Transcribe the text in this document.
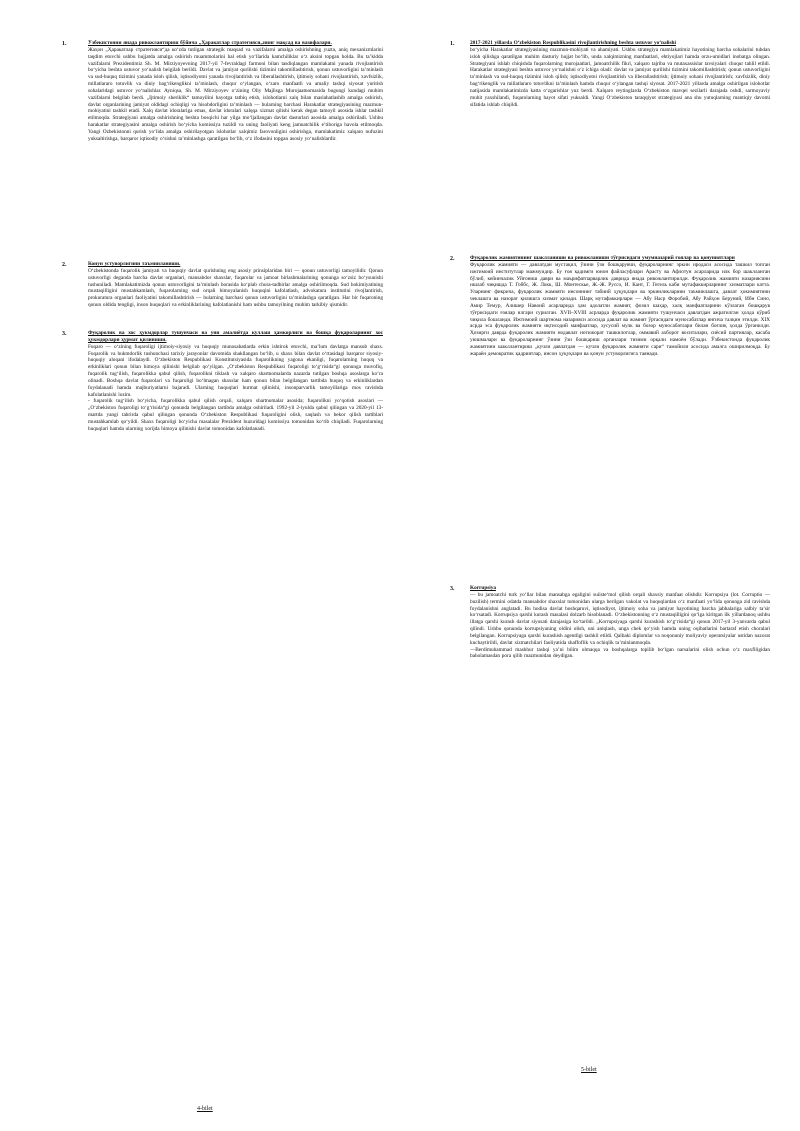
1.	Ўзбекистонни янада ривожлантириш бўйича „Ҳаракатлар стратегияси„нинг мақсад ва вазифалари.
Жаҳон „Ҳаракатлар стратегияси“да ко‘zda tutilgan strategik maqsad va vazifalarni amalga oshirishning yuzta, aniq mexanizmlarini taqdim etuvchi ushbu hujjatda amalga oshirish muammolarini hal etish yo‘llarida kamchiliklar o‘z aksini topgan holda. Bu ta’kidda vazifalarni Prezidentimiz Sh. M. Mirziyoyevning 2017-yil 7-fevraldagi farmoni bilan tasdiqlangan mamlakatni yanada rivojlantirish bo‘yicha beshta ustuvor yo‘nalish belgilab berildi. Davlat va jamiyat qurilishi tizimini takomillashtirish, qonun ustuvorligini ta’minlash va sud-huquq tizimini yanada isloh qilish, iqtisodiyotni yanada rivojlantirish va liberallashtirish, ijtimoiy sohani rivojlantirish, xavfsizlik, millatlararo totuvlik va diniy bag‘rikenglikni ta’minlash, chuqur o‘ylangan, o‘zaro manfaatli va amaliy tashqi siyosat yuritish sohalaridagi ustuvor yo‘nalishlar. Ayniqsa, Sh. M. Mirziyoyev o‘zining Oliy Majlisga Murojaatnomasida bugungi kundagi muhim vazifalarni belgilab berdi. „Ijtimoiy sheriklik“ tamoyilini hayotga tatbiq etish, islohotlarni xalq bilan maslahatlashib amalga oshirish, davlat organlarining jamiyat oldidagi ochiqligi va hisobdorligini ta’minlash — bularning barchasi Harakatlar strategiyasining mazmun-mohiyatini tashkil etadi. Xalq davlat idoralariga emas, davlat idoralari xalqqa xizmat qilishi kerak degan tamoyil asosida ishlar tashkil etilmoqda. Strategiyani amalga oshirishning beshta bosqichi har yilga mo‘ljallangan davlat dasturlari asosida amalga oshiriladi. Ushbu harakatlar strategiyasini amalga oshirish bo‘yicha komissiya tuzildi va uning faoliyati keng jamoatchilik e’tiboriga havola etilmoqda. Yangi Ozbekistonni qurish yo‘lida amalga oshirilayotgan islohotlar xalqimiz farovonligini oshirishga, mamlakatimiz xalqaro nufuzini yuksaltirishga, barqaror iqtisodiy o‘sishni ta’minlashga qaratilgan bo‘lib, o‘z ifodasini topgan asosiy yo‘nalishlardir.
2.	Конун устуворлигини таъминланиши.
O‘zbekistonda fuqarolik jamiyati va huquqiy davlat qurishning eng asosiy prinsiplaridan biri — qonun ustuvorligi tamoyilidir. Qonun ustuvorligi deganda barcha davlat organlari, mansabdor shaxslar, fuqarolar va jamoat birlashmalarining qonunga so‘zsiz bo‘ysunishi tushuniladi. Mamlakatimizda qonun ustuvorligini ta’minlash borasida ko‘plab chora-tadbirlar amalga oshirilmoqda. Sud hokimiyatining mustaqilligini mustahkamlash, fuqarolarning sud orqali himoyalanish huquqini kafolatlash, advokatura institutini rivojlantirish, prokuratura organlari faoliyatini takomillashtirish — bularning barchasi qonun ustuvorligini ta’minlashga qaratilgan. Har bir fuqaroning qonun oldida tengligi, inson huquqlari va erkinliklarining kafolatlanishi ham ushbu tamoyilning muhim tarkibiy qismidir.
3.	Фуқаролик ва хос ҳукмдорлар тушунчаси ва уни амалиётда куллаш ҳамкорлиги ва бошқа фуқароларнинг хос ҳукмдорлари ҳурмат қилиниши.
Fuqaro — o‘zining fuqaroligi ijtimoiy-siyosiy va huquqiy munosabatlarda erkin ishtirok etuvchi, ma’lum davlatga mansub shaxs. Fuqarolik va hukmdorlik tushunchasi tarixiy jarayonlar davomida shakllangan bo‘lib, u shaxs bilan davlat o‘rtasidagi barqaror siyosiy-huquqiy aloqani ifodalaydi. O‘zbekiston Respublikasi Konstitutsiyasida fuqarolikning yagona ekanligi, fuqarolarning huquq va erkinliklari qonun bilan himoya qilinishi belgilab qo‘yilgan. „O‘zbekiston Respublikasi fuqaroligi to‘g‘risida“gi qonunga muvofiq, fuqarolik tug‘ilish, fuqarolikka qabul qilish, fuqarolikni tiklash va xalqaro shartnomalarda nazarda tutilgan boshqa asoslarga ko‘ra olinadi. Boshqa davlat fuqarolari va fuqaroligi bo‘lmagan shaxslar ham qonun bilan belgilangan tartibda huquq va erkinliklardan foydalanadi hamda majburiyatlarni bajaradi. Ularning huquqlari hurmat qilinishi, insonparvarlik tamoyillariga mos ravishda kafolatlanishi lozim.
- fuqarolik tug‘ilish bo‘yicha, fuqarolikka qabul qilish orqali, xalqaro shartnomalar asosida; fuqarolikni yo‘qotish asoslari — „O‘zbekiston fuqaroligi to‘g‘risida“gi qonunda belgilangan tartibda amalga oshiriladi. 1992-yil 2-iyulda qabul qilingan va 2020-yil 13-martda yangi tahrirda qabul qilingan qonunda O‘zbekiston Respublikasi fuqaroligini olish, saqlash va bekor qilish tartiblari mustahkamlab qo‘yildi. Shaxs fuqaroligi bo‘yicha masalalar Prezident huzuridagi komissiya tomonidan ko‘rib chiqiladi. Fuqarolarning huquqlari hamda ularning xorijda himoya qilinishi davlat tomonidan kafolatlanadi.
4-bilet
1.	2017-2021 yillarda O‘zbekiston Respublikasini rivojlantirishning beshta ustuvor yo‘nalishi
bo‘yicha Harakatlar strategiyasining mazmun-mohiyati va ahamiyati. Ushbu strategiya mamlakatimiz hayotining barcha sohalarini tubdan isloh qilishga qaratilgan muhim dasturiy hujjat bo‘lib, unda xalqimizning manfaatlari, ehtiyojlari hamda orzu-umidlari inobatga olingan. Strategiyani ishlab chiqishda fuqarolarning murojaatlari, jamoatchilik fikri, xalqaro tajriba va mutaxassislar tavsiyalari chuqur tahlil etildi. Harakatlar strategiyasi beshta ustuvor yo‘nalishni o‘z ichiga oladi: davlat va jamiyat qurilishi tizimini takomillashtirish; qonun ustuvorligini ta’minlash va sud-huquq tizimini isloh qilish; iqtisodiyotni rivojlantirish va liberallashtirish; ijtimoiy sohani rivojlantirish; xavfsizlik, diniy bag‘rikenglik va millatlararo totuvlikni ta’minlash hamda chuqur o‘ylangan tashqi siyosat. 2017-2021 yillarda amalga oshirilgan islohotlar natijasida mamlakatimizda katta o‘zgarishlar yuz berdi. Xalqaro reytinglarda O‘zbekiston mavqei sezilarli darajada oshdi, sarmoyaviy muhit yaxshilandi, fuqarolarning hayot sifati yuksaldi. Yangi O‘zbekiston taraqqiyot strategiyasi ana shu yutuqlarning mantiqiy davomi sifatida ishlab chiqildi.
2.	Фуқаролик жамиятининг шаклланиши ва ривожланиши тўғрисидаги умумназарий ғоялар ва қонуниятлари
Фуқаролик жамияти — давлатдан мустақил, ўзини ўзи бошқарувчи, фуқароларнинг эркин иродаси асосида ташкил топган ижтимоий институтлар мажмуидир. Бу ғоя қадимги юнон файласуфлари Арасту ва Афлотун асарларида илк бор шаклланган бўлиб, кейинчалик Уйғониш даври ва маърифатпарварлик даврида янада ривожлантирилди. Фуқаролик жамияти назариясини ишлаб чиқишда Т. Гоббс, Ж. Локк, Ш. Монтескье, Ж.-Ж. Руссо, И. Кант, Г. Гегель каби мутафаккирларнинг хизматлари катта. Уларнинг фикрича, фуқаролик жамияти инсоннинг табиий ҳуқуқлари ва эркинликларини таъминлашга, давлат ҳокимиятини чеклашга ва назорат қилишга хизмат қилади. Шарқ мутафаккирлари — Абу Наср Форобий, Абу Райҳон Беруний, Ибн Сино, Амир Темур, Алишер Навоий асарларида ҳам адолатли жамият, фозил шаҳар, халқ манфаатларини кўзлаган бошқарув тўғрисидаги ғоялар илгари сурилган. XVII–XVIII асрларда фуқаролик жамияти тушунчаси давлатдан ажратилган ҳолда кўриб чиқила бошланди. Ижтимоий шартнома назарияси асосида давлат ва жамият ўртасидаги муносабатлар янгича талқин этилди. XIX асрда эса фуқаролик жамияти иқтисодий манфаатлар, хусусий мулк ва бозор муносабатлари билан боғлиқ ҳолда ўрганилди. Ҳозирги даврда фуқаролик жамияти нодавлат нотижорат ташкилотлар, оммавий ахборот воситалари, сиёсий партиялар, касаба уюшмалари ва фуқароларнинг ўзини ўзи бошқариш органлари тизими орқали намоён бўлади. Ўзбекистонда фуқаролик жамиятини шакллантириш „кучли давлатдан — кучли фуқаролик жамияти сари“ тамойили асосида амалга оширилмоқда. Бу жараён демократик қадриятлар, инсон ҳуқуқлари ва қонун устуворлигига таянади.
3.	Korrupsiya
— bu jamoatchi turk yo‘llar bilan mansabga egaligini suiiste‘mol qilish orqali shaxsiy manfaat olishdir. Korrupsiya (lot. Corruptio — buzilish) termini odatda mansabdor shaxslar tomonidan ularga berilgan vakolat va huquqlardan o‘z manfaati yo‘lida qonunga zid ravishda foydalanishni anglatadi. Bu hodisa davlat boshqaruvi, iqtisodiyot, ijtimoiy soha va jamiyat hayotining barcha jabhalariga salbiy ta’sir ko‘rsatadi. Korrupsiya qarshi kurash masalasi dolzarb hisoblanadi. O‘zbekistonning o‘z mustaqilligini qo‘lga kiritgan ilk yillardanoq ushbu illatga qarshi kurash davlat siyosati darajasiga ko‘tarildi. „Korrupsiyaga qarshi kurashish to‘g‘risida“gi qonun 2017-yil 3-yanvarda qabul qilindi. Ushbu qonunda korrupsiyaning oldini olish, uni aniqlash, unga chek qo‘yish hamda uning oqibatlarini bartaraf etish choralari belgilangan. Korrupsiyaga qarshi kurashish agentligi tashkil etildi. Qalbaki diplomlar va noqonuniy moliyaviy operatsiyalar ustidan nazorat kuchaytirildi, davlat xizmatchilari faoliyatida shaffoflik va ochiqlik ta’minlanmoqda.
—Berdimuhammad mashhur tashqi ya’ni bilim olmaqqa va boshqalarga topilib bo‘lgan narsalarini olish ochun o‘z maxfiligidan baholamasdan pora qilib mazmunidan deydigan.
5-bilet
